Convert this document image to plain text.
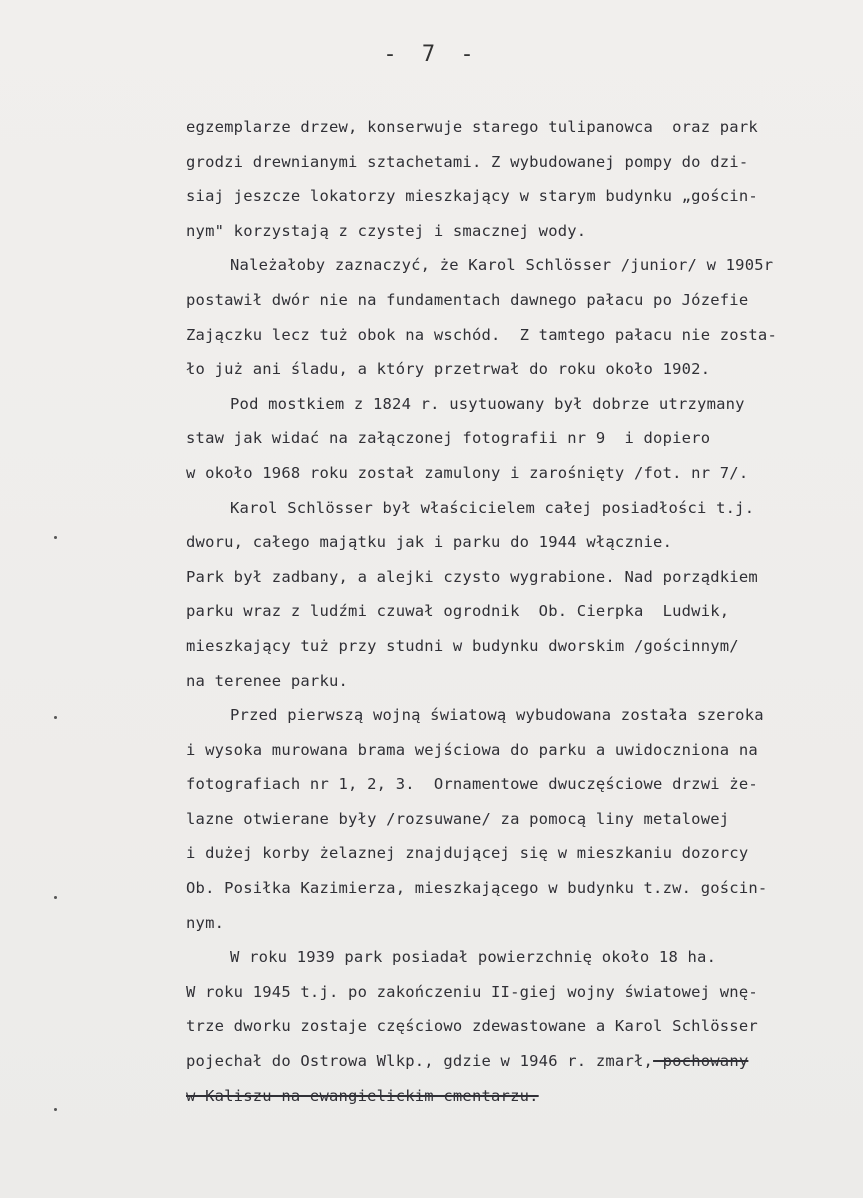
- 7 -
egzemplarze drzew, konserwuje starego tulipanowca  oraz park
grodzi drewnianymi sztachetami. Z wybudowanej pompy do dzi-
siaj jeszcze lokatorzy mieszkający w starym budynku „gościn-
nym" korzystają z czystej i smacznej wody.
Należałoby zaznaczyć, że Karol Schlösser /junior/ w 1905r
postawił dwór nie na fundamentach dawnego pałacu po Józefie
Zajączku lecz tuż obok na wschód.  Z tamtego pałacu nie zosta-
ło już ani śladu, a który przetrwał do roku około 1902.
Pod mostkiem z 1824 r. usytuowany był dobrze utrzymany
staw jak widać na załączonej fotografii nr 9  i dopiero
w około 1968 roku został zamulony i zarośnięty /fot. nr 7/.
Karol Schlösser był właścicielem całej posiadłości t.j.
dworu, całego majątku jak i parku do 1944 włącznie.
Park był zadbany, a alejki czysto wygrabione. Nad porządkiem
parku wraz z ludźmi czuwał ogrodnik  Ob. Cierpka  Ludwik,
mieszkający tuż przy studni w budynku dworskim /gościnnym/
na terenee parku.
Przed pierwszą wojną światową wybudowana została szeroka
i wysoka murowana brama wejściowa do parku a uwidoczniona na
fotografiach nr 1, 2, 3.  Ornamentowe dwuczęściowe drzwi że-
lazne otwierane były /rozsuwane/ za pomocą liny metalowej
i dużej korby żelaznej znajdującej się w mieszkaniu dozorcy
Ob. Posiłka Kazimierza, mieszkającego w budynku t.zw. gościn-
nym.
W roku 1939 park posiadał powierzchnię około 18 ha.
W roku 1945 t.j. po zakończeniu II-giej wojny światowej wnę-
trze dworku zostaje częściowo zdewastowane a Karol Schlösser
pojechał do Ostrowa Wlkp., gdzie w 1946 r. zmarł, pochowany
w Kaliszu na ewangielickim cmentarzu.
